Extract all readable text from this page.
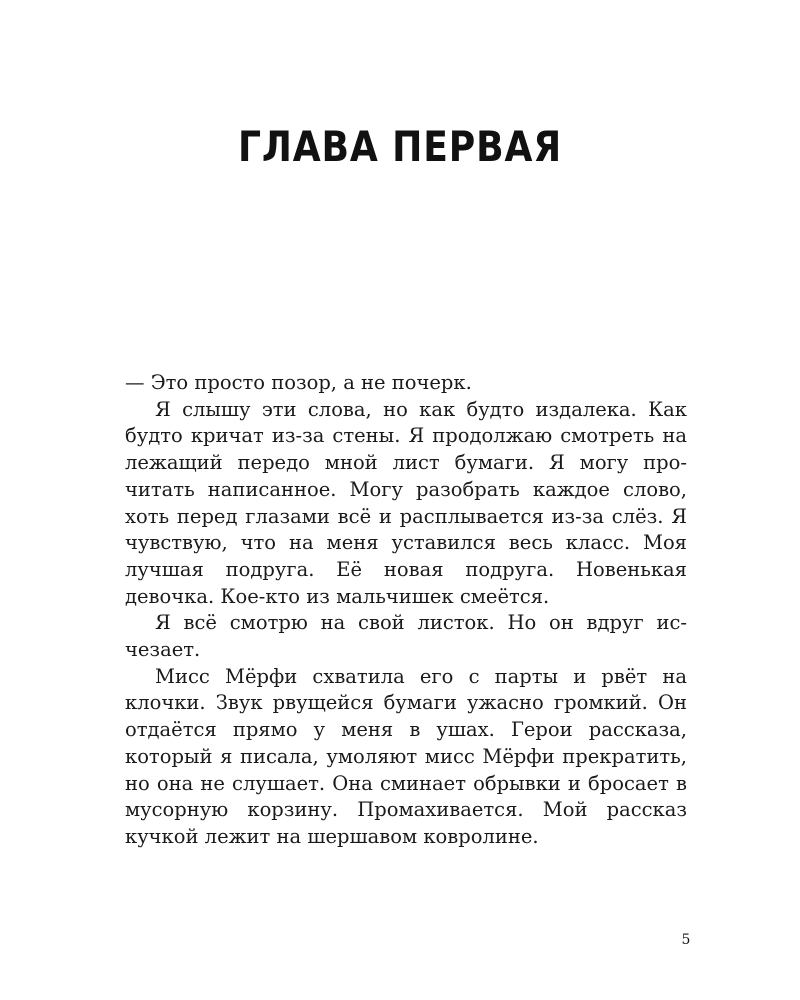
ГЛАВА ПЕРВАЯ

— Это просто позор, а не почерк.

Я слышу эти слова, но как будто издалека. Как будто кричат из-за стены. Я продолжаю смотреть на лежащий передо мной лист бумаги. Я могу прочитать написанное. Могу разобрать каждое слово, хоть перед глазами всё и расплывается из-за слёз. Я чувствую, что на меня уставился весь класс. Моя лучшая подруга. Её новая подруга. Новенькая девочка. Кое-кто из мальчишек смеётся.

Я всё смотрю на свой листок. Но он вдруг исчезает.

Мисс Мёрфи схватила его с парты и рвёт на клочки. Звук рвущейся бумаги ужасно громкий. Он отдаётся прямо у меня в ушах. Герои рассказа, который я писала, умоляют мисс Мёрфи прекратить, но она не слушает. Она сминает обрывки и бросает в мусорную корзину. Промахивается. Мой рассказ кучкой лежит на шершавом ковролине.

5
